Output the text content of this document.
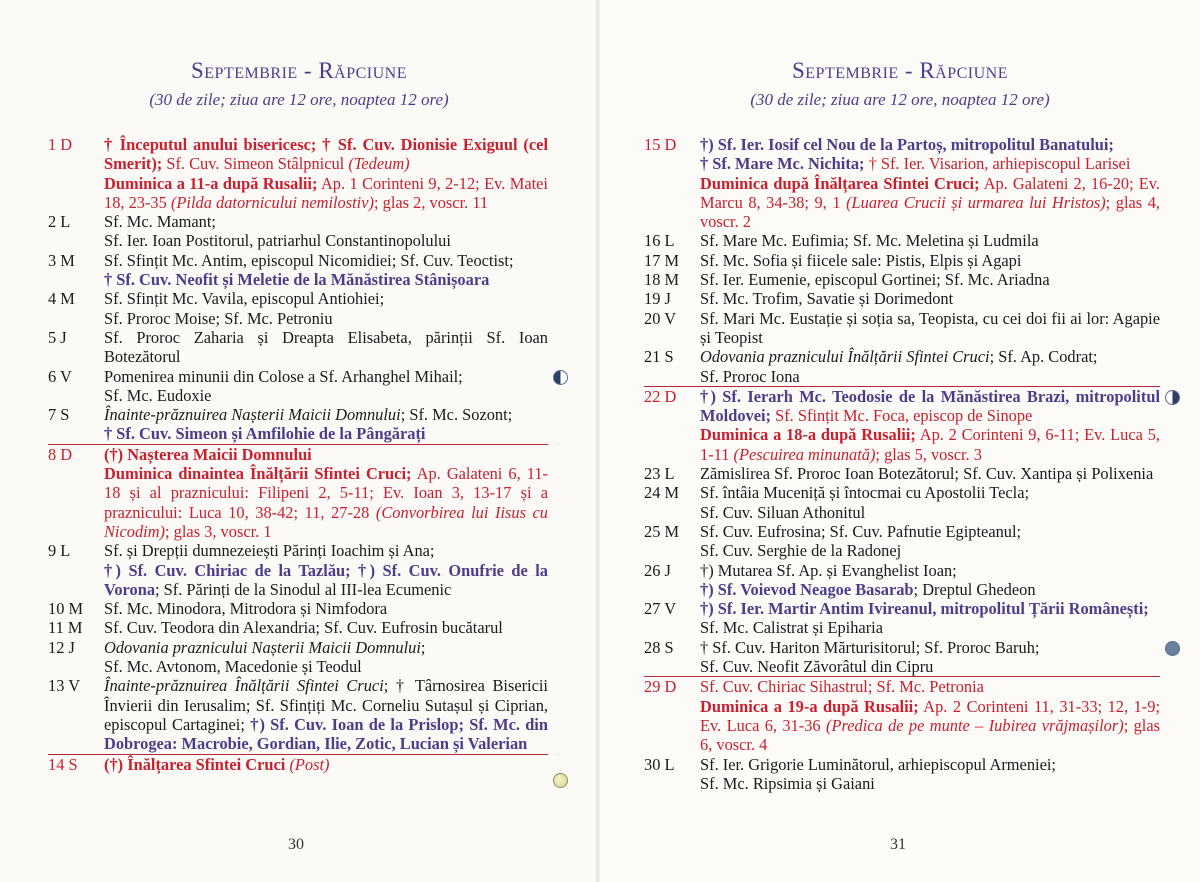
Septembrie - Răpciune
(30 de zile; ziua are 12 ore, noaptea 12 ore)
1 D	† Începutul anului bisericesc; † Sf. Cuv. Dionisie Exiguul (cel Smerit); Sf. Cuv. Simeon Stâlpnicul (Tedeum)
Duminica a 11-a după Rusalii; Ap. 1 Corinteni 9, 2-12; Ev. Matei 18, 23-35 (Pilda datornicului nemilostiv); glas 2, voscr. 11
2 L	Sf. Mc. Mamant;
Sf. Ier. Ioan Postitorul, patriarhul Constantinopolului
3 M	Sf. Sfințit Mc. Antim, episcopul Nicomidiei; Sf. Cuv. Teoctist;
† Sf. Cuv. Neofit și Meletie de la Mănăstirea Stânișoara
4 M	Sf. Sfințit Mc. Vavila, episcopul Antiohiei;
Sf. Proroc Moise; Sf. Mc. Petroniu
5 J	Sf. Proroc Zaharia și Dreapta Elisabeta, părinții Sf. Ioan Botezătorul
6 V	Pomenirea minunii din Colose a Sf. Arhanghel Mihail;
Sf. Mc. Eudoxie
7 S	Înainte-prăznuirea Nașterii Maicii Domnului; Sf. Mc. Sozont;
† Sf. Cuv. Simeon și Amfilohie de la Pângărați
8 D	(†) Nașterea Maicii Domnului
Duminica dinaintea Înălțării Sfintei Cruci; Ap. Galateni 6, 11-18 și al praznicului: Filipeni 2, 5-11; Ev. Ioan 3, 13-17 și a praznicului: Luca 10, 38-42; 11, 27-28 (Convorbirea lui Iisus cu Nicodim); glas 3, voscr. 1
9 L	Sf. și Drepții dumnezeiești Părinți Ioachim și Ana;
†) Sf. Cuv. Chiriac de la Tazlău; †) Sf. Cuv. Onufrie de la Vorona; Sf. Părinți de la Sinodul al III-lea Ecumenic
10 M	Sf. Mc. Minodora, Mitrodora și Nimfodora
11 M	Sf. Cuv. Teodora din Alexandria; Sf. Cuv. Eufrosin bucătarul
12 J	Odovania praznicului Nașterii Maicii Domnului;
Sf. Mc. Avtonom, Macedonie și Teodul
13 V	Înainte-prăznuirea Înălțării Sfintei Cruci; † Târnosirea Bisericii Învierii din Ierusalim; Sf. Sfințiți Mc. Corneliu Sutașul și Ciprian, episcopul Cartaginei; †) Sf. Cuv. Ioan de la Prislop; Sf. Mc. din Dobrogea: Macrobie, Gordian, Ilie, Zotic, Lucian și Valerian
14 S	(†) Înălțarea Sfintei Cruci (Post)
30
Septembrie - Răpciune
(30 de zile; ziua are 12 ore, noaptea 12 ore)
15 D	†) Sf. Ier. Iosif cel Nou de la Partoș, mitropolitul Banatului;
† Sf. Mare Mc. Nichita; † Sf. Ier. Visarion, arhiepiscopul Larisei
Duminica după Înălțarea Sfintei Cruci; Ap. Galateni 2, 16-20; Ev. Marcu 8, 34-38; 9, 1 (Luarea Crucii și urmarea lui Hristos); glas 4, voscr. 2
16 L	Sf. Mare Mc. Eufimia; Sf. Mc. Meletina și Ludmila
17 M	Sf. Mc. Sofia și fiicele sale: Pistis, Elpis și Agapi
18 M	Sf. Ier. Eumenie, episcopul Gortinei; Sf. Mc. Ariadna
19 J	Sf. Mc. Trofim, Savatie și Dorimedont
20 V	Sf. Mari Mc. Eustație și soția sa, Teopista, cu cei doi fii ai lor: Agapie și Teopist
21 S	Odovania praznicului Înălțării Sfintei Cruci; Sf. Ap. Codrat;
Sf. Proroc Iona
22 D	†) Sf. Ierarh Mc. Teodosie de la Mănăstirea Brazi, mitropolitul Moldovei; Sf. Sfințit Mc. Foca, episcop de Sinope
Duminica a 18-a după Rusalii; Ap. 2 Corinteni 9, 6-11; Ev. Luca 5, 1-11 (Pescuirea minunată); glas 5, voscr. 3
23 L	Zămislirea Sf. Proroc Ioan Botezătorul; Sf. Cuv. Xantipa și Polixenia
24 M	Sf. întâia Muceniță și întocmai cu Apostolii Tecla;
Sf. Cuv. Siluan Athonitul
25 M	Sf. Cuv. Eufrosina; Sf. Cuv. Pafnutie Egipteanul;
Sf. Cuv. Serghie de la Radonej
26 J	†) Mutarea Sf. Ap. și Evanghelist Ioan;
†) Sf. Voievod Neagoe Basarab; Dreptul Ghedeon
27 V	†) Sf. Ier. Martir Antim Ivireanul, mitropolitul Țării Românești;
Sf. Mc. Calistrat și Epiharia
28 S	† Sf. Cuv. Hariton Mărturisitorul; Sf. Proroc Baruh;
Sf. Cuv. Neofit Zăvorâtul din Cipru
29 D	Sf. Cuv. Chiriac Sihastrul; Sf. Mc. Petronia
Duminica a 19-a după Rusalii; Ap. 2 Corinteni 11, 31-33; 12, 1-9; Ev. Luca 6, 31-36 (Predica de pe munte – Iubirea vrăjmașilor); glas 6, voscr. 4
30 L	Sf. Ier. Grigorie Luminătorul, arhiepiscopul Armeniei;
Sf. Mc. Ripsimia și Gaiani
31
